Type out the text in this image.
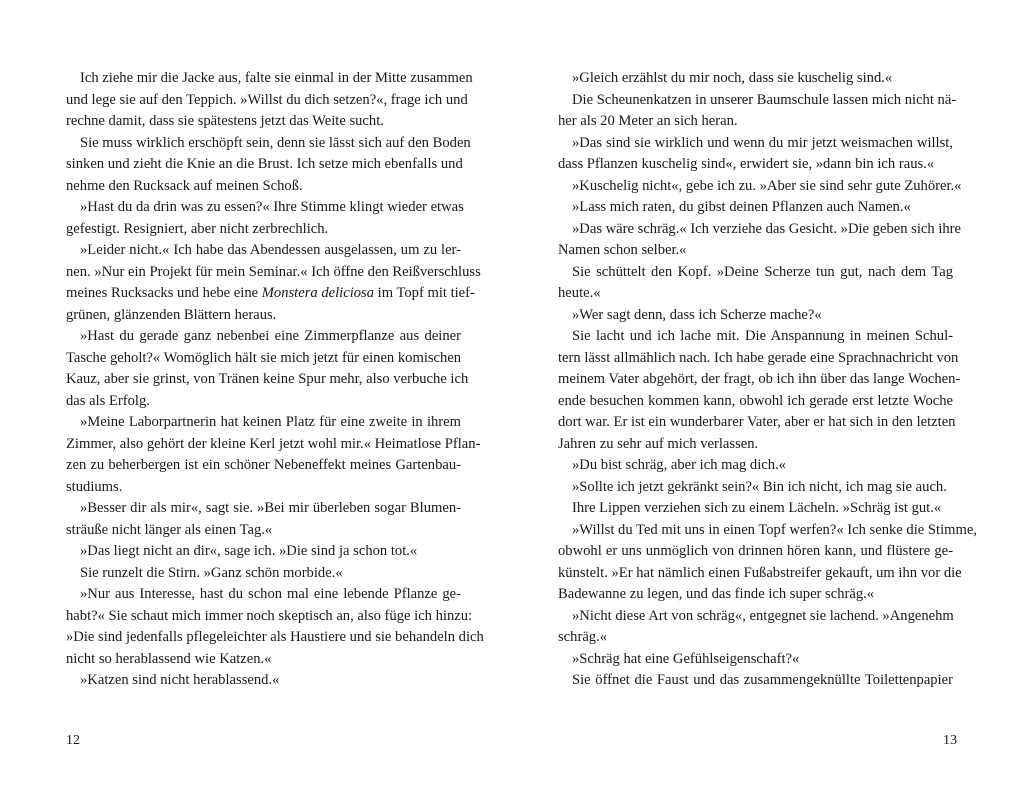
Ich ziehe mir die Jacke aus, falte sie einmal in der Mitte zusammen
und lege sie auf den Teppich. »Willst du dich setzen?«, frage ich und
rechne damit, dass sie spätestens jetzt das Weite sucht.
Sie muss wirklich erschöpft sein, denn sie lässt sich auf den Boden
sinken und zieht die Knie an die Brust. Ich setze mich ebenfalls und
nehme den Rucksack auf meinen Schoß.
»Hast du da drin was zu essen?« Ihre Stimme klingt wieder etwas
gefestigt. Resigniert, aber nicht zerbrechlich.
»Leider nicht.« Ich habe das Abendessen ausgelassen, um zu ler-
nen. »Nur ein Projekt für mein Seminar.« Ich öffne den Reißverschluss
meines Rucksacks und hebe eine Monstera deliciosa im Topf mit tief-
grünen, glänzenden Blättern heraus.
»Hast du gerade ganz nebenbei eine Zimmerpflanze aus deiner
Tasche geholt?« Womöglich hält sie mich jetzt für einen komischen
Kauz, aber sie grinst, von Tränen keine Spur mehr, also verbuche ich
das als Erfolg.
»Meine Laborpartnerin hat keinen Platz für eine zweite in ihrem
Zimmer, also gehört der kleine Kerl jetzt wohl mir.« Heimatlose Pflan-
zen zu beherbergen ist ein schöner Nebeneffekt meines Gartenbau-
studiums.
»Besser dir als mir«, sagt sie. »Bei mir überleben sogar Blumen-
sträuße nicht länger als einen Tag.«
»Das liegt nicht an dir«, sage ich. »Die sind ja schon tot.«
Sie runzelt die Stirn. »Ganz schön morbide.«
»Nur aus Interesse, hast du schon mal eine lebende Pflanze ge-
habt?« Sie schaut mich immer noch skeptisch an, also füge ich hinzu:
»Die sind jedenfalls pflegeleichter als Haustiere und sie behandeln dich
nicht so herablassend wie Katzen.«
»Katzen sind nicht herablassend.«
12
»Gleich erzählst du mir noch, dass sie kuschelig sind.«
Die Scheunenkatzen in unserer Baumschule lassen mich nicht nä-
her als 20 Meter an sich heran.
»Das sind sie wirklich und wenn du mir jetzt weismachen willst,
dass Pflanzen kuschelig sind«, erwidert sie, »dann bin ich raus.«
»Kuschelig nicht«, gebe ich zu. »Aber sie sind sehr gute Zuhörer.«
»Lass mich raten, du gibst deinen Pflanzen auch Namen.«
»Das wäre schräg.« Ich verziehe das Gesicht. »Die geben sich ihre
Namen schon selber.«
Sie schüttelt den Kopf. »Deine Scherze tun gut, nach dem Tag
heute.«
»Wer sagt denn, dass ich Scherze mache?«
Sie lacht und ich lache mit. Die Anspannung in meinen Schul-
tern lässt allmählich nach. Ich habe gerade eine Sprachnachricht von
meinem Vater abgehört, der fragt, ob ich ihn über das lange Wochen-
ende besuchen kommen kann, obwohl ich gerade erst letzte Woche
dort war. Er ist ein wunderbarer Vater, aber er hat sich in den letzten
Jahren zu sehr auf mich verlassen.
»Du bist schräg, aber ich mag dich.«
»Sollte ich jetzt gekränkt sein?« Bin ich nicht, ich mag sie auch.
Ihre Lippen verziehen sich zu einem Lächeln. »Schräg ist gut.«
»Willst du Ted mit uns in einen Topf werfen?« Ich senke die Stimme,
obwohl er uns unmöglich von drinnen hören kann, und flüstere ge-
künstelt. »Er hat nämlich einen Fußabstreifer gekauft, um ihn vor die
Badewanne zu legen, und das finde ich super schräg.«
»Nicht diese Art von schräg«, entgegnet sie lachend. »Angenehm
schräg.«
»Schräg hat eine Gefühlseigenschaft?«
Sie öffnet die Faust und das zusammengeknüllte Toilettenpapier
13
